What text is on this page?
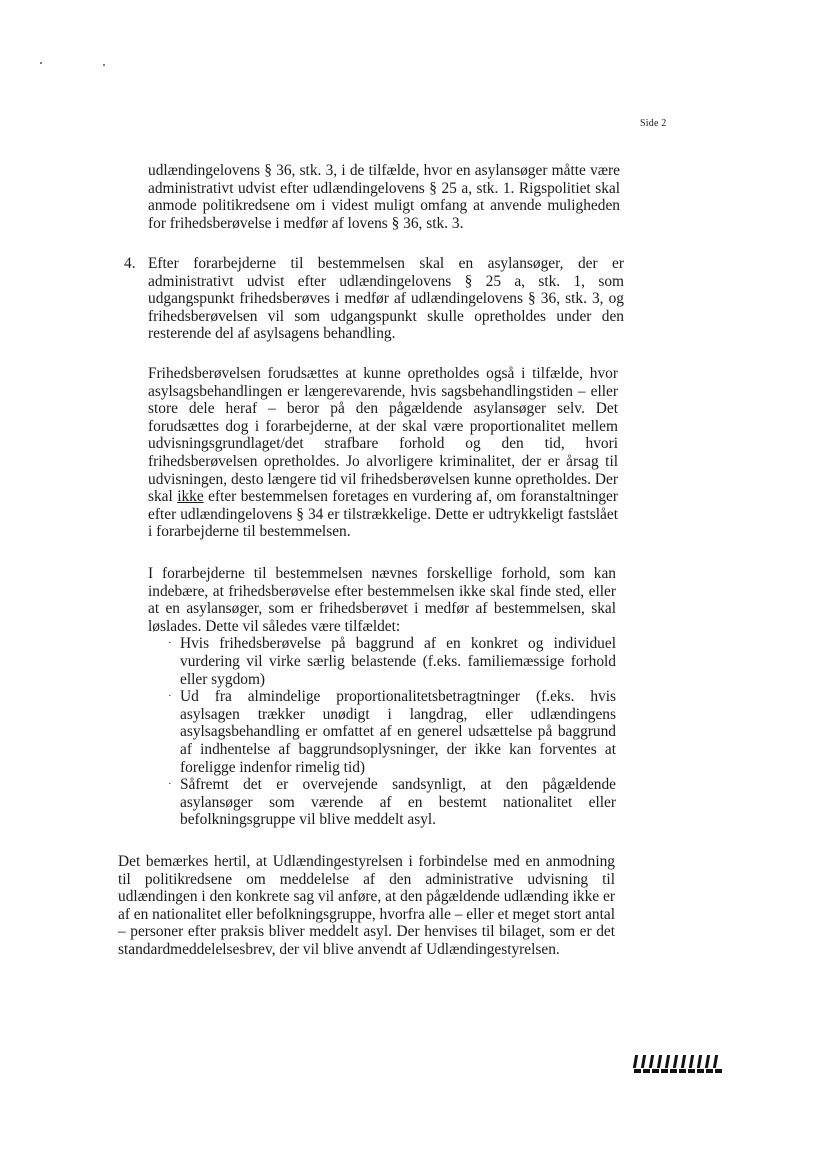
Side 2
udlændingelovens § 36, stk. 3, i de tilfælde, hvor en asylansøger måtte være administrativt udvist efter udlændingelovens § 25 a, stk. 1. Rigspolitiet skal anmode politikredsene om i videst muligt omfang at anvende muligheden for frihedsberøvelse i medfør af lovens § 36, stk. 3.
4. Efter forarbejderne til bestemmelsen skal en asylansøger, der er administrativt udvist efter udlændingelovens § 25 a, stk. 1, som udgangspunkt frihedsberøves i medfør af udlændingelovens § 36, stk. 3, og frihedsberøvelsen vil som udgangspunkt skulle opretholdes under den resterende del af asylsagens behandling.
Frihedsberøvelsen forudsættes at kunne opretholdes også i tilfælde, hvor asylsagsbehandlingen er længerevarende, hvis sagsbehandlingstiden – eller store dele heraf – beror på den pågældende asylansøger selv. Det forudsættes dog i forarbejderne, at der skal være proportionalitet mellem udvisningsgrundlaget/det strafbare forhold og den tid, hvori frihedsberøvelsen opretholdes. Jo alvorligere kriminalitet, der er årsag til udvisningen, desto længere tid vil frihedsberøvelsen kunne opretholdes. Der skal ikke efter bestemmelsen foretages en vurdering af, om foranstaltninger efter udlændingelovens § 34 er tilstrækkelige. Dette er udtrykkeligt fastslået i forarbejderne til bestemmelsen.
I forarbejderne til bestemmelsen nævnes forskellige forhold, som kan indebære, at frihedsberøvelse efter bestemmelsen ikke skal finde sted, eller at en asylansøger, som er frihedsberøvet i medfør af bestemmelsen, skal løslades. Dette vil således være tilfældet:
· Hvis frihedsberøvelse på baggrund af en konkret og individuel vurdering vil virke særlig belastende (f.eks. familiemæssige forhold eller sygdom)
· Ud fra almindelige proportionalitetsbetragtninger (f.eks. hvis asylsagen trækker unødigt i langdrag, eller udlændingens asylsagsbehandling er omfattet af en generel udsættelse på baggrund af indhentelse af baggrundsoplysninger, der ikke kan forventes at foreligge indenfor rimelig tid)
· Såfremt det er overvejende sandsynligt, at den pågældende asylansøger som værende af en bestemt nationalitet eller befolkningsgruppe vil blive meddelt asyl.
Det bemærkes hertil, at Udlændingestyrelsen i forbindelse med en anmodning til politikredsene om meddelelse af den administrative udvisning til udlændingen i den konkrete sag vil anføre, at den pågældende udlænding ikke er af en nationalitet eller befolkningsgruppe, hvorfra alle – eller et meget stort antal – personer efter praksis bliver meddelt asyl. Der henvises til bilaget, som er det standardmeddelelsesbrev, der vil blive anvendt af Udlændingestyrelsen.
